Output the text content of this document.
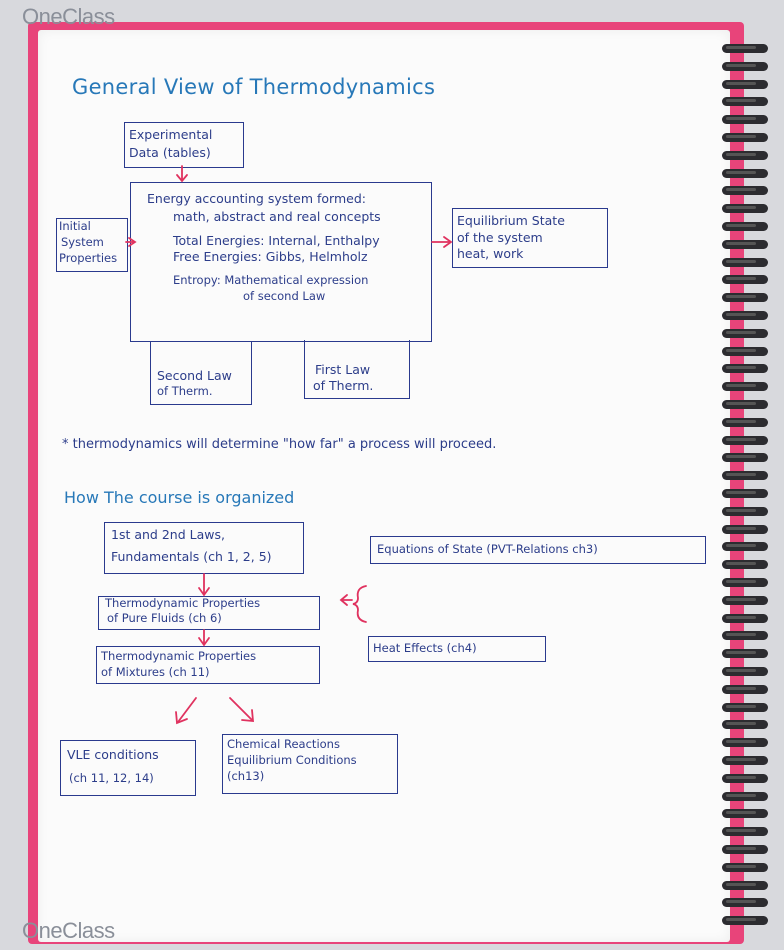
OneClass
OneClass
General View of Thermodynamics
Experimental
Data (tables)
Initial
System
Properties
Energy accounting system formed:
math, abstract and real concepts
Total Energies: Internal, Enthalpy
Free Energies: Gibbs, Helmholz
Entropy: Mathematical expression
of second Law
Equilibrium State
of the system
heat, work
Second Law
of Therm.
First Law
of Therm.
* thermodynamics will determine "how far" a process will proceed.
How The course is organized
1st and 2nd Laws,
Fundamentals (ch 1, 2, 5)	Equations of State (PVT-Relations ch3)
Thermodynamic Properties
of Pure Fluids (ch 6)
Heat Effects (ch4)
Thermodynamic Properties
of Mixtures (ch 11)
VLE conditions
(ch 11, 12, 14)
Chemical Reactions
Equilibrium Conditions
(ch13)
